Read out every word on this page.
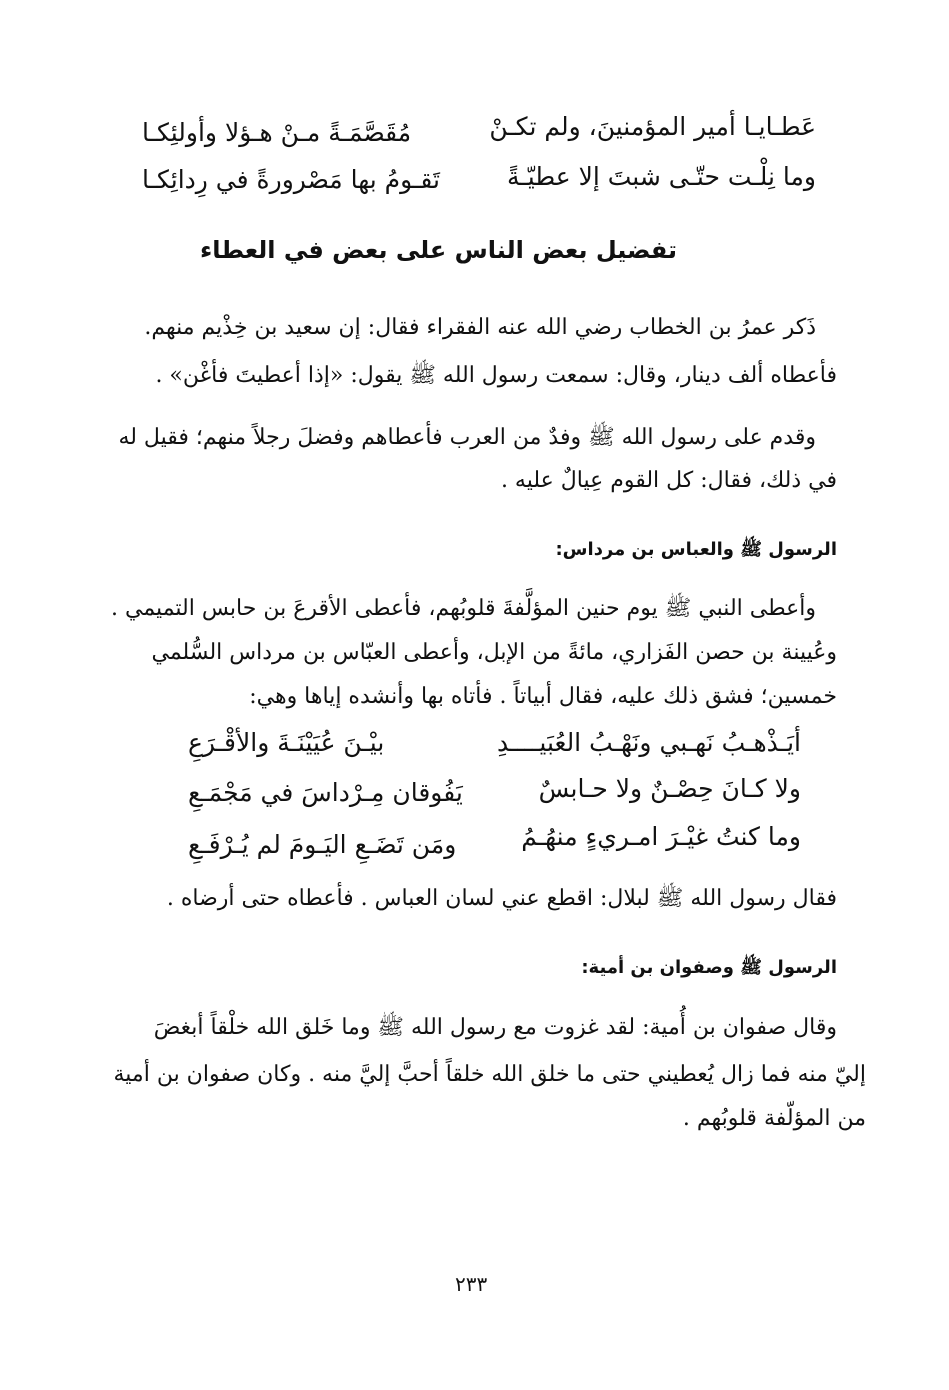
عَطـايـا أمير المؤمنينَ، ولم تكـنْ
مُقَصَّمَـةً مـنْ هـؤلا وأولئِكـا
وما نِلْـت حتّـى شبتَ إلا عطيّـةً
تَقـومُ بها مَصْرورةً في رِدائِكـا
تفضيل بعض الناس على بعض في العطاء
ذَكر عمرُ بن الخطاب رضي الله عنه الفقراء فقال: إن سعيد بن خِذْيم منهم.
فأعطاه ألف دينار، وقال: سمعت رسول الله ﷺ يقول: «إذا أعطيتَ فأغْن» .
وقدم على رسول الله ﷺ وفدٌ من العرب فأعطاهم وفضلَ رجلاً منهم؛ فقيل له
في ذلك، فقال: كل القوم عِيالٌ عليه .
الرسول ﷺ والعباس بن مرداس:
وأعطى النبي ﷺ يوم حنين المؤلَّفةَ قلوبُهم، فأعطى الأقرعَ بن حابس التميمي .
وعُيينة بن حصن الفَزاري، مائةً من الإبل، وأعطى العبّاس بن مرداس السُّلمي
خمسين؛ فشق ذلك عليه، فقال أبياتاً . فأتاه بها وأنشده إياها وهي:
أيَـذْهـبُ نَهـبي ونَهْـبُ العُبَيــــدِ
بيْـنَ عُيَيْنَـةَ والأقْـرَعِ
ولا كـانَ حِصْـنٌ ولا حـابسٌ
يَفُوقان مِـرْداسَ في مَجْمَـعِ
وما كنتُ غيْـرَ امـريءٍ منهُـمُ
ومَن تَضَـعِ اليَـومَ لم يُـرْفَـعِ
فقال رسول الله ﷺ لبلال: اقطع عني لسان العباس . فأعطاه حتى أرضاه .
الرسول ﷺ وصفوان بن أمية:
وقال صفوان بن أُمية: لقد غزوت مع رسول الله ﷺ وما خَلق الله خلْقاً أبغضَ
إليّ منه فما زال يُعطيني حتى ما خلق الله خلقاً أحبَّ إليَّ منه . وكان صفوان بن أمية
من المؤلّفة قلوبُهم .
٢٣٣
